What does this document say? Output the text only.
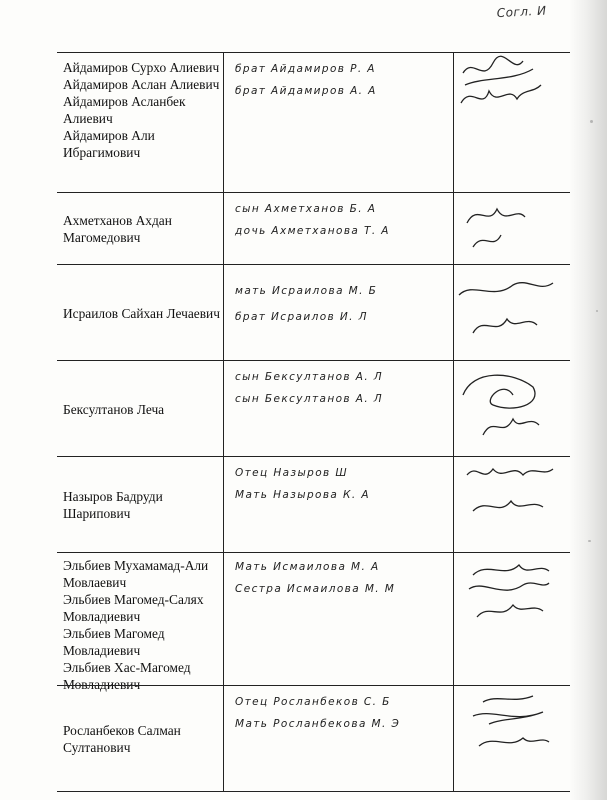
Согл. И
Айдамиров Сурхо Алиевич
Айдамиров Аслан Алиевич
Айдамиров Асланбек
Алиевич
Айдамиров Али
Ибрагимович
брат Айдамиров Р. А
брат Айдамиров А. А
Ахметханов Ахдан
Магомедович
сын Ахметханов Б. А
дочь Ахметханова Т. А
Исраилов Сайхан Лечаевич
мать Исраилова М. Б
брат Исраилов И. Л
Бексултанов Леча
сын Бексултанов А. Л
сын Бексултанов А. Л
Назыров Бадруди
Шарипович
Отец Назыров Ш
Мать Назырова К. А
Эльбиев Мухамамад-Али
Мовлаевич
Эльбиев Магомед-Салях
Мовладиевич
Эльбиев Магомед
Мовладиевич
Эльбиев Хас-Магомед
Мовладиевич
Мать Исмаилова М. А
Сестра Исмаилова М. М
Росланбеков Салман
Султанович
Отец Росланбеков С. Б
Мать Росланбекова М. Э
